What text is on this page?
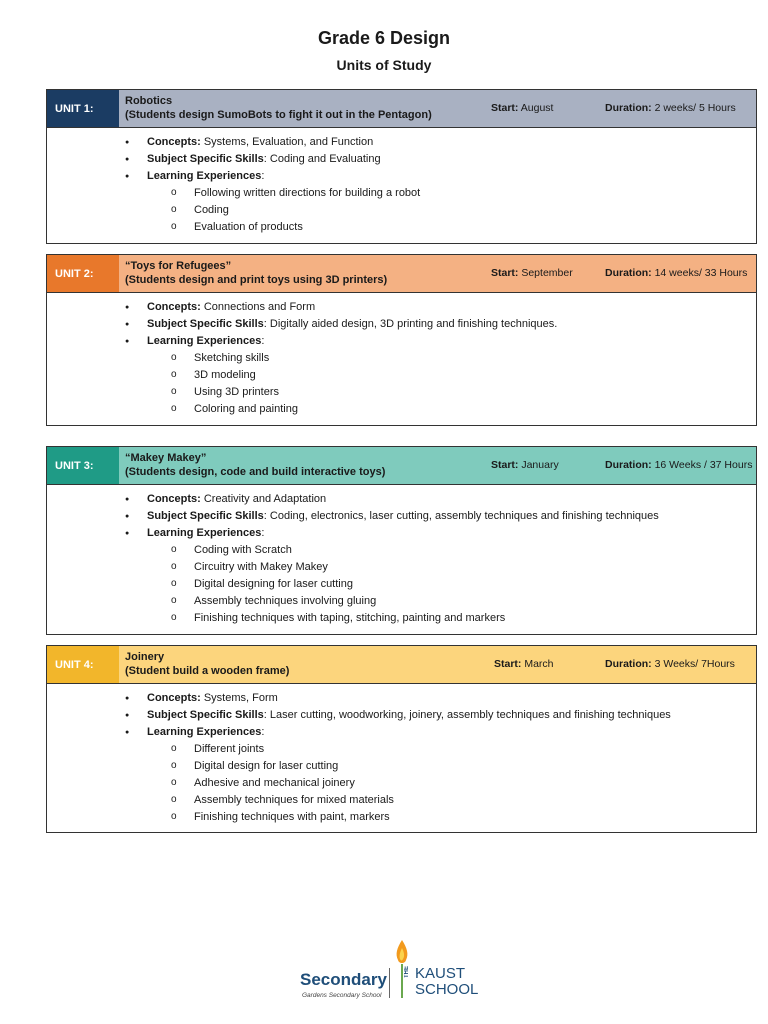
Grade 6 Design
Units of Study
UNIT 1:
Robotics
(Students design SumoBots to fight it out in the Pentagon)
Start: August	Duration: 2 weeks/ 5 Hours
● Concepts: Systems, Evaluation, and Function
● Subject Specific Skills: Coding and Evaluating
● Learning Experiences:
o Following written directions for building a robot
o Coding
o Evaluation of products
UNIT 2:
“Toys for Refugees”
(Students design and print toys using 3D printers)
Start: September	Duration: 14 weeks/ 33 Hours
● Concepts: Connections and Form
● Subject Specific Skills: Digitally aided design, 3D printing and finishing techniques.
● Learning Experiences:
o Sketching skills
o 3D modeling
o Using 3D printers
o Coloring and painting
UNIT 3:
“Makey Makey”
(Students design, code and build interactive toys)
Start: January	Duration: 16 Weeks / 37 Hours
● Concepts: Creativity and Adaptation
● Subject Specific Skills: Coding, electronics, laser cutting, assembly techniques and finishing techniques
● Learning Experiences:
o Coding with Scratch
o Circuitry with Makey Makey
o Digital designing for laser cutting
o Assembly techniques involving gluing
o Finishing techniques with taping, stitching, painting and markers
UNIT 4:
Joinery
(Student build a wooden frame)
Start: March	Duration: 3 Weeks/ 7Hours
● Concepts: Systems, Form
● Subject Specific Skills: Laser cutting, woodworking, joinery, assembly techniques and finishing techniques
● Learning Experiences:
o Different joints
o Digital design for laser cutting
o Adhesive and mechanical joinery
o Assembly techniques for mixed materials
o Finishing techniques with paint, markers
Secondary
Gardens Secondary School
THE KAUST
SCHOOL
